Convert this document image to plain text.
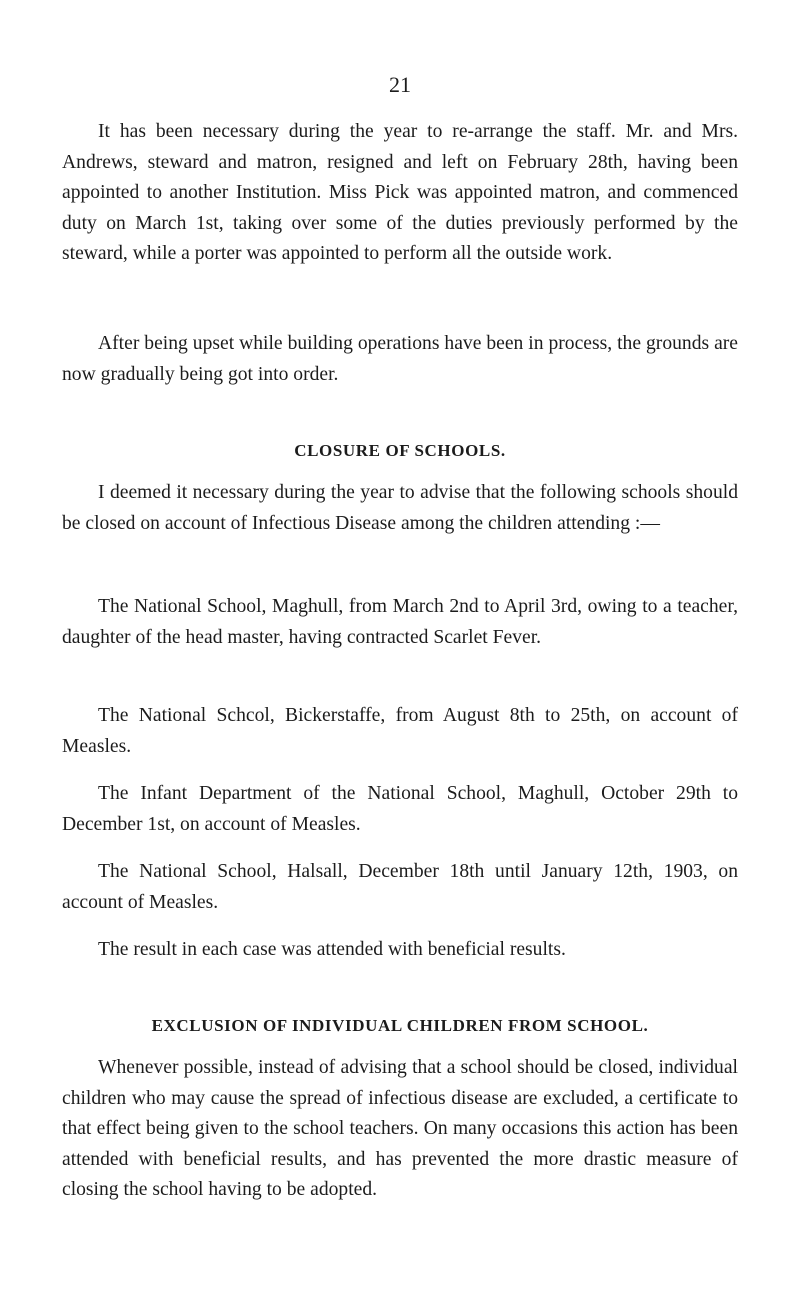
21

It has been necessary during the year to re-arrange the staff. Mr. and Mrs. Andrews, steward and matron, resigned and left on February 28th, having been appointed to another Institution. Miss Pick was appointed matron, and commenced duty on March 1st, taking over some of the duties previously performed by the steward, while a porter was appointed to perform all the outside work.

After being upset while building operations have been in process, the grounds are now gradually being got into order.

CLOSURE OF SCHOOLS.

I deemed it necessary during the year to advise that the following schools should be closed on account of Infectious Disease among the children attending :—

The National School, Maghull, from March 2nd to April 3rd, owing to a teacher, daughter of the head master, having contracted Scarlet Fever.

The National Schcol, Bickerstaffe, from August 8th to 25th, on account of Measles.

The Infant Department of the National School, Maghull, October 29th to December 1st, on account of Measles.

The National School, Halsall, December 18th until January 12th, 1903, on account of Measles.

The result in each case was attended with beneficial results.

EXCLUSION OF INDIVIDUAL CHILDREN FROM SCHOOL.

Whenever possible, instead of advising that a school should be closed, individual children who may cause the spread of infectious disease are excluded, a certificate to that effect being given to the school teachers. On many occasions this action has been attended with beneficial results, and has prevented the more drastic measure of closing the school having to be adopted.
